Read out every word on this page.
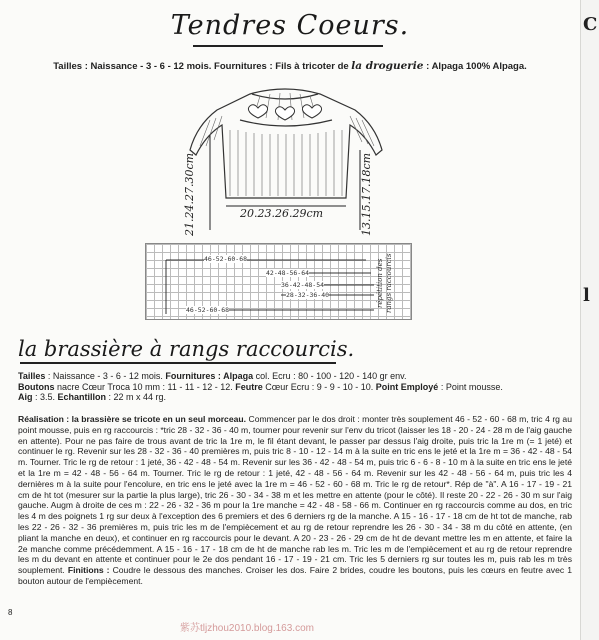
Tendres Coeurs.
Tailles : Naissance - 3 - 6 - 12 mois. Fournitures : Fils à tricoter de la droguerie : Alpaga 100% Alpaga.
21.24.27.30cm	20.23.26.29cm	13.15.17.18cm
46-52-60-68
42-48-56-64
36-42-48-54
28-32-36-40
46-52-60-68
répétition des rangs raccourcis
la brassière à rangs raccourcis.
Tailles : Naissance - 3 - 6 - 12 mois. Fournitures : Alpaga col. Ecru : 80 - 100 - 120 - 140 gr env.
Boutons nacre Cœur Troca 10 mm : 11 - 11 - 12 - 12. Feutre Cœur Ecru : 9 - 9 - 10 - 10. Point Employé : Point mousse.
Aig : 3.5. Echantillon : 22 m x 44 rg.
Réalisation : la brassière se tricote en un seul morceau. Commencer par le dos droit : monter très souplement 46 - 52 - 60 - 68 m, tric 4 rg au point mousse, puis en rg raccourcis : *tric 28 - 32 - 36 - 40 m, tourner pour revenir sur l'env du tricot (laisser les 18 - 20 - 24 - 28 m de l'aig gauche en attente). Pour ne pas faire de trous avant de tric la 1re m, le fil étant devant, le passer par dessus l'aig droite, puis tric la 1re m (= 1 jeté) et continuer le rg. Revenir sur les 28 - 32 - 36 - 40 premières m, puis tric 8 - 10 - 12 - 14 m à la suite en tric ens le jeté et la 1re m = 36 - 42 - 48 - 54 m. Tourner. Tric le rg de retour : 1 jeté, 36 - 42 - 48 - 54 m. Revenir sur les 36 - 42 - 48 - 54 m, puis tric 6 - 6 - 8 - 10 m à la suite en tric ens le jeté et la 1re m = 42 - 48 - 56 - 64 m. Tourner. Tric le rg de retour : 1 jeté, 42 - 48 - 56 - 64 m. Revenir sur les 42 - 48 - 56 - 64 m, puis tric les 4 dernières m à la suite pour l'encolure, en tric ens le jeté avec la 1re m = 46 - 52 - 60 - 68 m. Tric le rg de retour*. Rép de "à". A 16 - 17 - 19 - 21 cm de ht tot (mesurer sur la partie la plus large), tric 26 - 30 - 34 - 38 m et les mettre en attente (pour le côté). Il reste 20 - 22 - 26 - 30 m sur l'aig gauche. Augm à droite de ces m : 22 - 26 - 32 - 36 m pour la 1re manche = 42 - 48 - 58 - 66 m. Continuer en rg raccourcis comme au dos, en tric les 4 m des poignets 1 rg sur deux à l'exception des 6 premiers et des 6 derniers rg de la manche. A 15 - 16 - 17 - 18 cm de ht tot de manche, rab les 22 - 26 - 32 - 36 premières m, puis tric les m de l'empiècement et au rg de retour reprendre les 26 - 30 - 34 - 38 m du côté en attente, (en pliant la manche en deux), et continuer en rg raccourcis pour le devant. A 20 - 23 - 26 - 29 cm de ht de devant mettre les m en attente, et faire la 2e manche comme précédemment. A 15 - 16 - 17 - 18 cm de ht de manche rab les m. Tric les m de l'empiècement et au rg de retour reprendre les m du devant en attente et continuer pour le 2e dos pendant 16 - 17 - 19 - 21 cm. Tric les 5 derniers rg sur toutes les m, puis rab les m très souplement. Finitions : Coudre le dessous des manches. Croiser les dos. Faire 2 brides, coudre les boutons, puis les cœurs en feutre avec 1 bouton autour de l'empiècement.
8
紫苏tljzhou2010.blog.163.com
C
l
